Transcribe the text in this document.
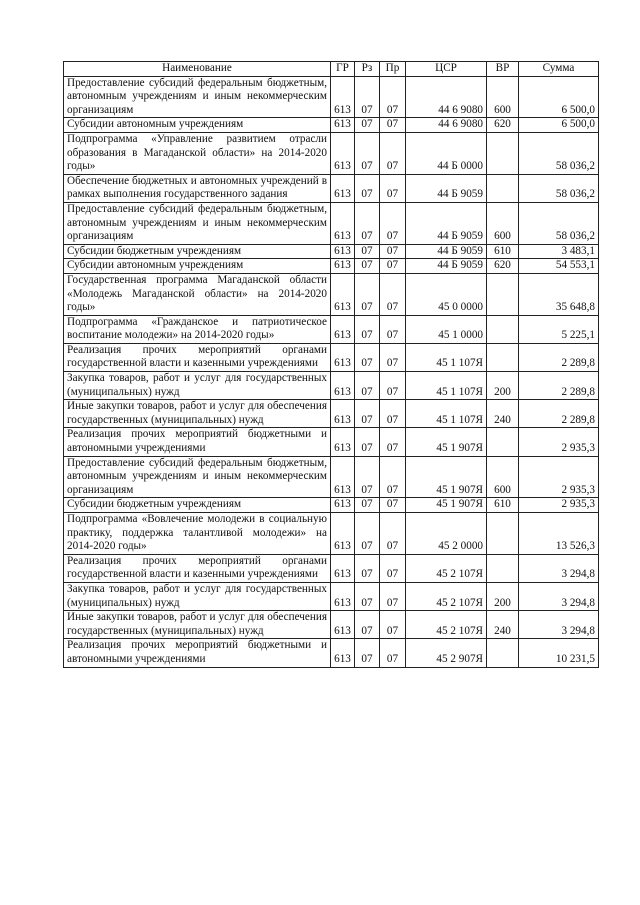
Наименование	ГР	Рз	Пр	ЦСР	ВР	Сумма
Предоставление субсидий федеральным бюджетным, автономным учреждениям и иным некоммерческим организациям	613	07	07	44 6 9080	600	6 500,0
Субсидии автономным учреждениям	613	07	07	44 6 9080	620	6 500,0
Подпрограмма «Управление развитием отрасли образования в Магаданской области» на 2014-2020 годы»	613	07	07	44 Б 0000		58 036,2
Обеспечение бюджетных и автономных учреждений в рамках выполнения государственного задания	613	07	07	44 Б 9059		58 036,2
Предоставление субсидий федеральным бюджетным, автономным учреждениям и иным некоммерческим организациям	613	07	07	44 Б 9059	600	58 036,2
Субсидии бюджетным учреждениям	613	07	07	44 Б 9059	610	3 483,1
Субсидии автономным учреждениям	613	07	07	44 Б 9059	620	54 553,1
Государственная программа Магаданской области «Молодежь Магаданской области» на 2014-2020 годы»	613	07	07	45 0 0000		35 648,8
Подпрограмма «Гражданское и патриотическое воспитание молодежи» на 2014-2020 годы»	613	07	07	45 1 0000		5 225,1
Реализация прочих мероприятий органами государственной власти и казенными учреждениями	613	07	07	45 1 107Я		2 289,8
Закупка товаров, работ и услуг для государственных (муниципальных) нужд	613	07	07	45 1 107Я	200	2 289,8
Иные закупки товаров, работ и услуг для обеспечения государственных (муниципальных) нужд	613	07	07	45 1 107Я	240	2 289,8
Реализация прочих мероприятий бюджетными и автономными учреждениями	613	07	07	45 1 907Я		2 935,3
Предоставление субсидий федеральным бюджетным, автономным учреждениям и иным некоммерческим организациям	613	07	07	45 1 907Я	600	2 935,3
Субсидии бюджетным учреждениям	613	07	07	45 1 907Я	610	2 935,3
Подпрограмма «Вовлечение молодежи в социальную практику, поддержка талантливой молодежи» на 2014-2020 годы»	613	07	07	45 2 0000		13 526,3
Реализация прочих мероприятий органами государственной власти и казенными учреждениями	613	07	07	45 2 107Я		3 294,8
Закупка товаров, работ и услуг для государственных (муниципальных) нужд	613	07	07	45 2 107Я	200	3 294,8
Иные закупки товаров, работ и услуг для обеспечения государственных (муниципальных) нужд	613	07	07	45 2 107Я	240	3 294,8
Реализация прочих мероприятий бюджетными и автономными учреждениями	613	07	07	45 2 907Я		10 231,5
